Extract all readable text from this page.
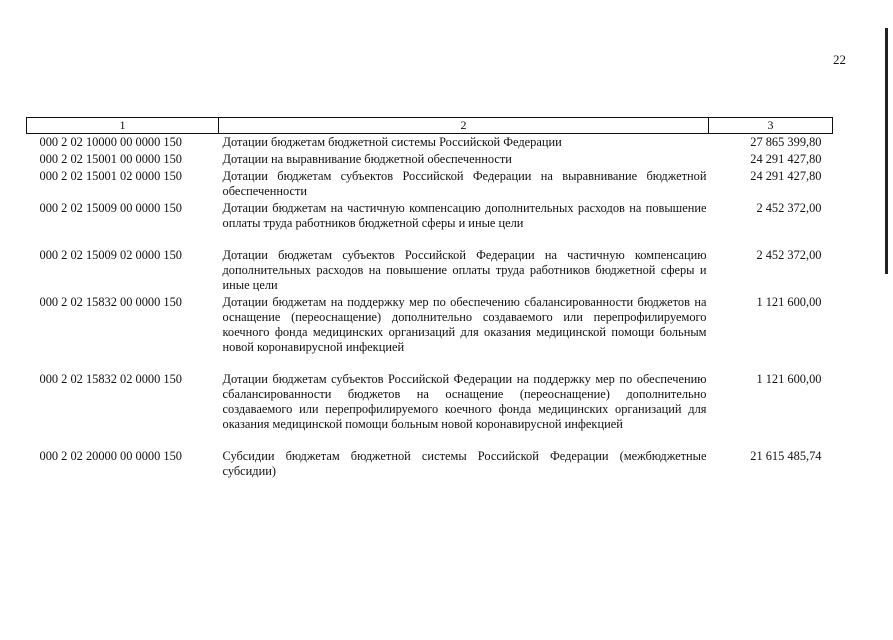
22
1	2	3
000 2 02 10000 00 0000 150	Дотации бюджетам бюджетной системы Российской Федерации	27 865 399,80
000 2 02 15001 00 0000 150	Дотации на выравнивание бюджетной обеспеченности	24 291 427,80
000 2 02 15001 02 0000 150	Дотации бюджетам субъектов Российской Федерации на выравнивание бюджетной обеспеченности	24 291 427,80
000 2 02 15009 00 0000 150	Дотации бюджетам на частичную компенсацию дополнительных расходов на повышение оплаты труда работников бюджетной сферы и иные цели	2 452 372,00
000 2 02 15009 02 0000 150	Дотации бюджетам субъектов Российской Федерации на частичную компенсацию дополнительных расходов на повышение оплаты труда работников бюджетной сферы и иные цели	2 452 372,00
000 2 02 15832 00 0000 150	Дотации бюджетам на поддержку мер по обеспечению сбалансированности бюджетов на оснащение (переоснащение) дополнительно создаваемого или перепрофилируемого коечного фонда медицинских организаций для оказания медицинской помощи больным новой коронавирусной инфекцией	1 121 600,00
000 2 02 15832 02 0000 150	Дотации бюджетам субъектов Российской Федерации на поддержку мер по обеспечению сбалансированности бюджетов на оснащение (переоснащение) дополнительно создаваемого или перепрофилируемого коечного фонда медицинских организаций для оказания медицинской помощи больным новой коронавирусной инфекцией	1 121 600,00
000 2 02 20000 00 0000 150	Субсидии бюджетам бюджетной системы Российской Федерации (межбюджетные субсидии)	21 615 485,74
